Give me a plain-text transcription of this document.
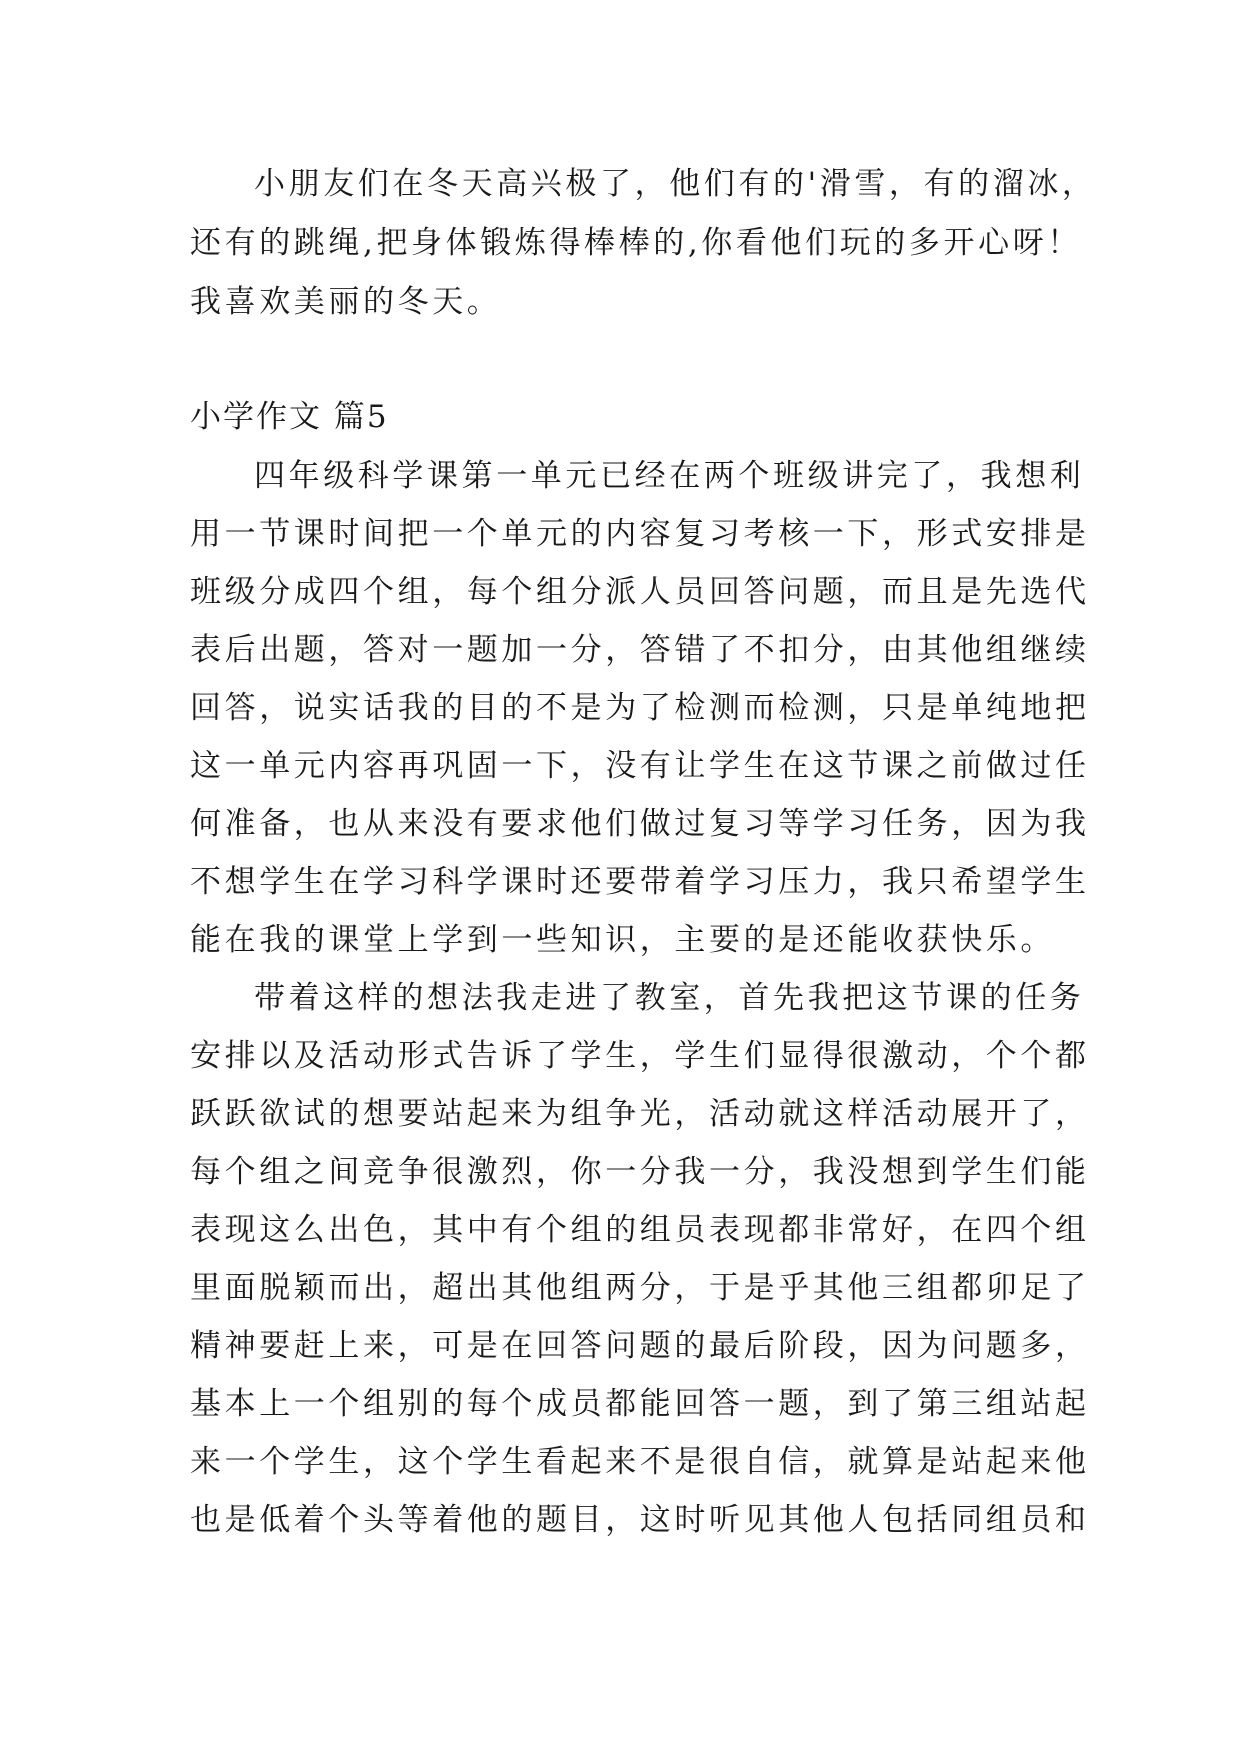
小朋友们在冬天高兴极了，他们有的'滑雪，有的溜冰，
还有的跳绳,把身体锻炼得棒棒的,你看他们玩的多开心呀！
我喜欢美丽的冬天。
小学作文 篇5
四年级科学课第一单元已经在两个班级讲完了，我想利
用一节课时间把一个单元的内容复习考核一下，形式安排是
班级分成四个组，每个组分派人员回答问题，而且是先选代
表后出题，答对一题加一分，答错了不扣分，由其他组继续
回答，说实话我的目的不是为了检测而检测，只是单纯地把
这一单元内容再巩固一下，没有让学生在这节课之前做过任
何准备，也从来没有要求他们做过复习等学习任务，因为我
不想学生在学习科学课时还要带着学习压力，我只希望学生
能在我的课堂上学到一些知识，主要的是还能收获快乐。
带着这样的想法我走进了教室，首先我把这节课的任务
安排以及活动形式告诉了学生，学生们显得很激动，个个都
跃跃欲试的想要站起来为组争光，活动就这样活动展开了，
每个组之间竞争很激烈，你一分我一分，我没想到学生们能
表现这么出色，其中有个组的组员表现都非常好，在四个组
里面脱颖而出，超出其他组两分，于是乎其他三组都卯足了
精神要赶上来，可是在回答问题的最后阶段，因为问题多，
基本上一个组别的每个成员都能回答一题，到了第三组站起
来一个学生，这个学生看起来不是很自信，就算是站起来他
也是低着个头等着他的题目，这时听见其他人包括同组员和
